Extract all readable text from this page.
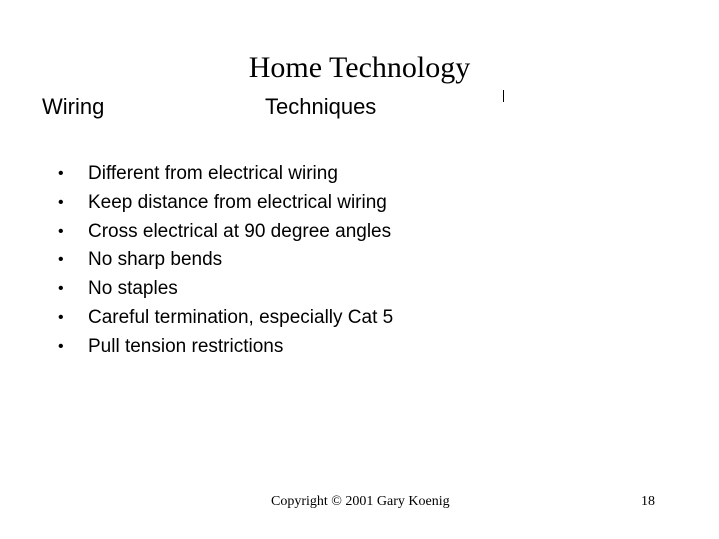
Home Technology
Wiring	Techniques
•	Different from electrical wiring
•	Keep distance from electrical wiring
•	Cross electrical at 90 degree angles
•	No sharp bends
•	No staples
•	Careful termination, especially Cat 5
•	Pull tension restrictions
Copyright © 2001 Gary Koenig	18
